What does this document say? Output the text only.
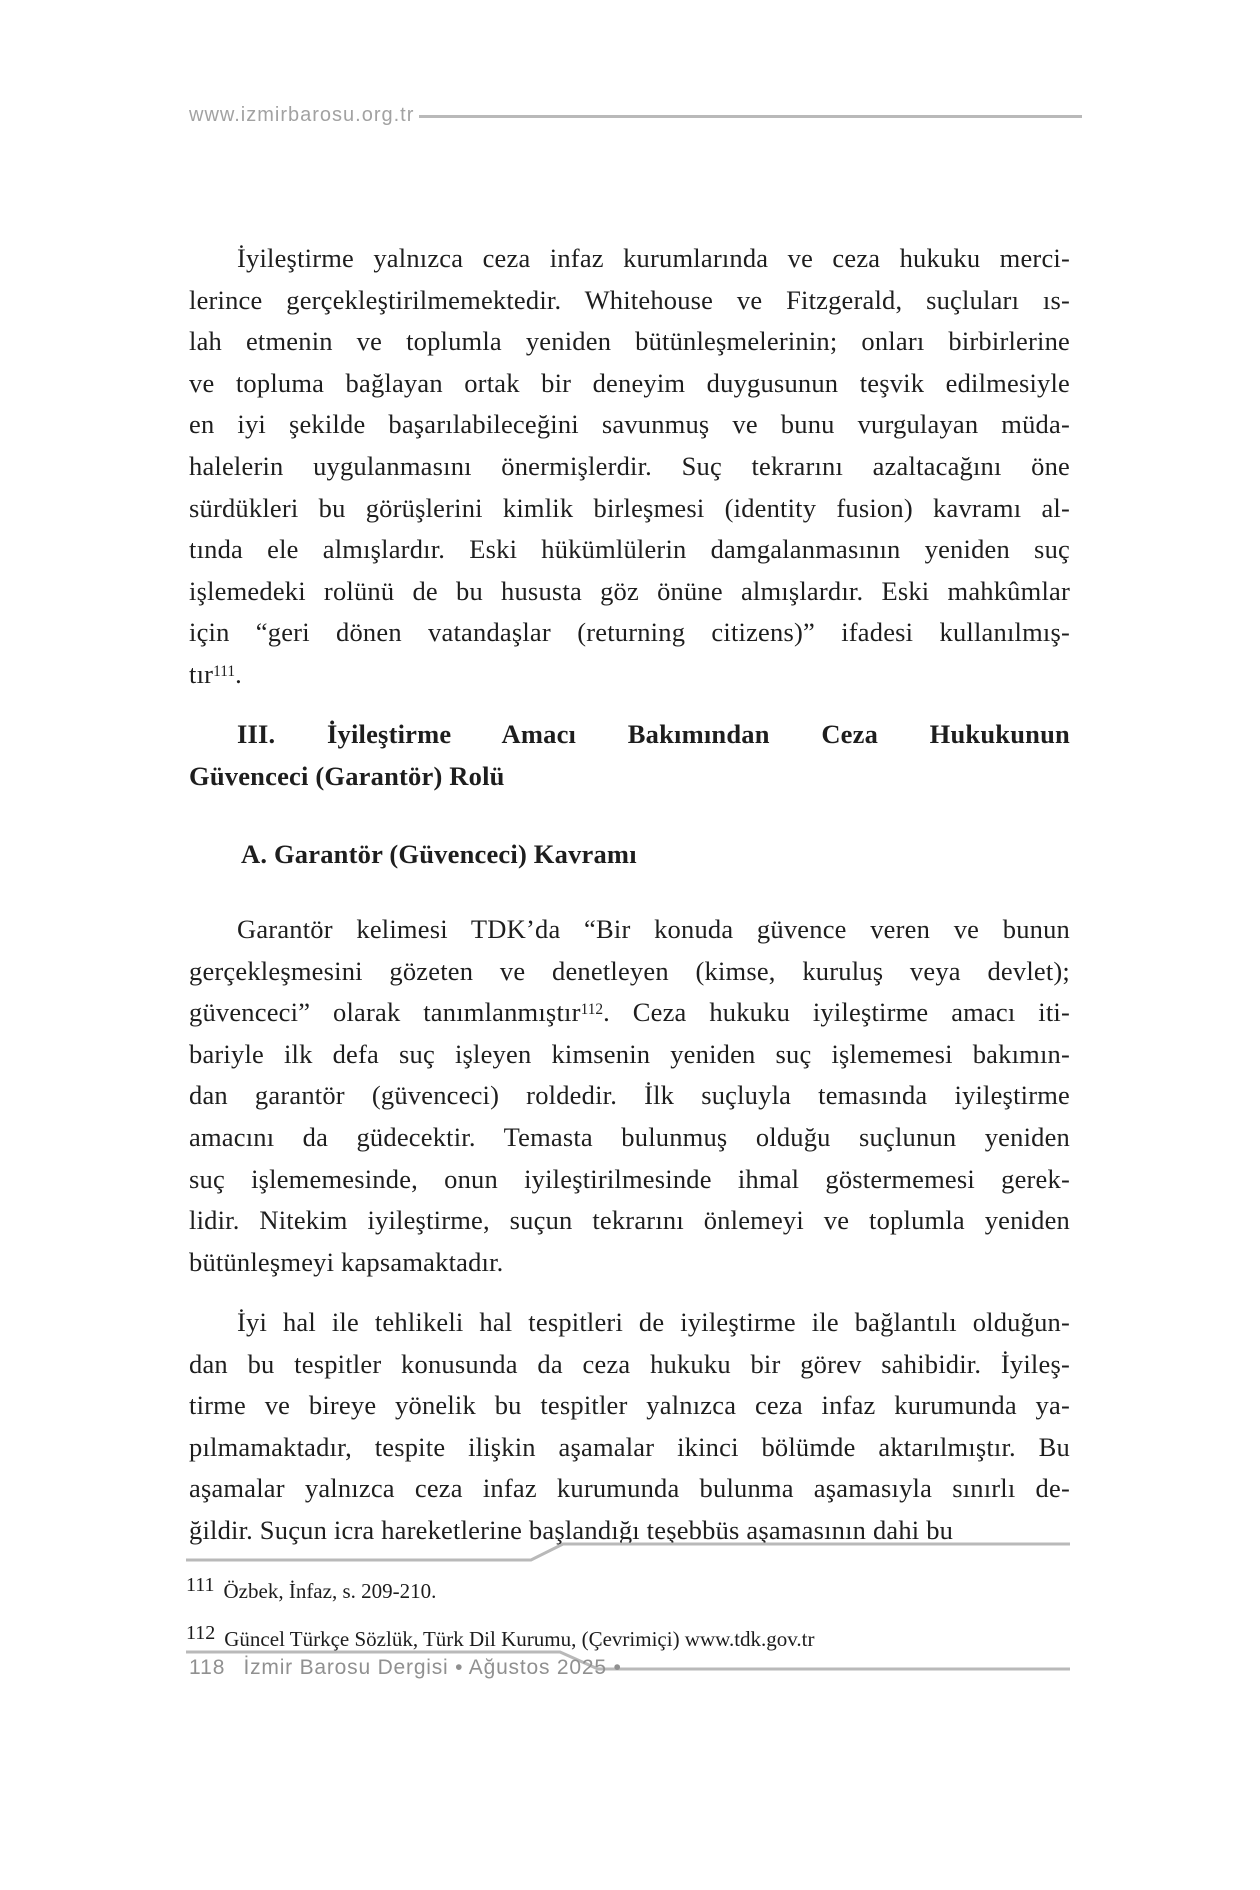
www.izmirbarosu.org.tr
İyileştirme yalnızca ceza infaz kurumlarında ve ceza hukuku merci-
lerince gerçekleştirilmemektedir. Whitehouse ve Fitzgerald, suçluları ıs-
lah etmenin ve toplumla yeniden bütünleşmelerinin; onları birbirlerine
ve topluma bağlayan ortak bir deneyim duygusunun teşvik edilmesiyle
en iyi şekilde başarılabileceğini savunmuş ve bunu vurgulayan müda-
halelerin uygulanmasını önermişlerdir. Suç tekrarını azaltacağını öne
sürdükleri bu görüşlerini kimlik birleşmesi (identity fusion) kavramı al-
tında ele almışlardır. Eski hükümlülerin damgalanmasının yeniden suç
işlemedeki rolünü de bu hususta göz önüne almışlardır. Eski mahkûmlar
için “geri dönen vatandaşlar (returning citizens)” ifadesi kullanılmış-
tır$^{111}$.
III. İyileştirme Amacı Bakımından Ceza Hukukunun
Güvenceci (Garantör) Rolü
A. Garantör (Güvenceci) Kavramı
Garantör kelimesi TDK’da “Bir konuda güvence veren ve bunun
gerçekleşmesini gözeten ve denetleyen (kimse, kuruluş veya devlet);
güvenceci” olarak tanımlanmıştır$^{112}$. Ceza hukuku iyileştirme amacı iti-
bariyle ilk defa suç işleyen kimsenin yeniden suç işlememesi bakımın-
dan garantör (güvenceci) roldedir. İlk suçluyla temasında iyileştirme
amacını da güdecektir. Temasta bulunmuş olduğu suçlunun yeniden
suç işlememesinde, onun iyileştirilmesinde ihmal göstermemesi gerek-
lidir. Nitekim iyileştirme, suçun tekrarını önlemeyi ve toplumla yeniden
bütünleşmeyi kapsamaktadır.
İyi hal ile tehlikeli hal tespitleri de iyileştirme ile bağlantılı olduğun-
dan bu tespitler konusunda da ceza hukuku bir görev sahibidir. İyileş-
tirme ve bireye yönelik bu tespitler yalnızca ceza infaz kurumunda ya-
pılmamaktadır, tespite ilişkin aşamalar ikinci bölümde aktarılmıştır. Bu
aşamalar yalnızca ceza infaz kurumunda bulunma aşamasıyla sınırlı de-
ğildir. Suçun icra hareketlerine başlandığı teşebbüs aşamasının dahi bu
111 Özbek, İnfaz, s. 209-210.
112 Güncel Türkçe Sözlük, Türk Dil Kurumu, (Çevrimiçi) www.tdk.gov.tr
118 İzmir Barosu Dergisi • Ağustos 2025 •
